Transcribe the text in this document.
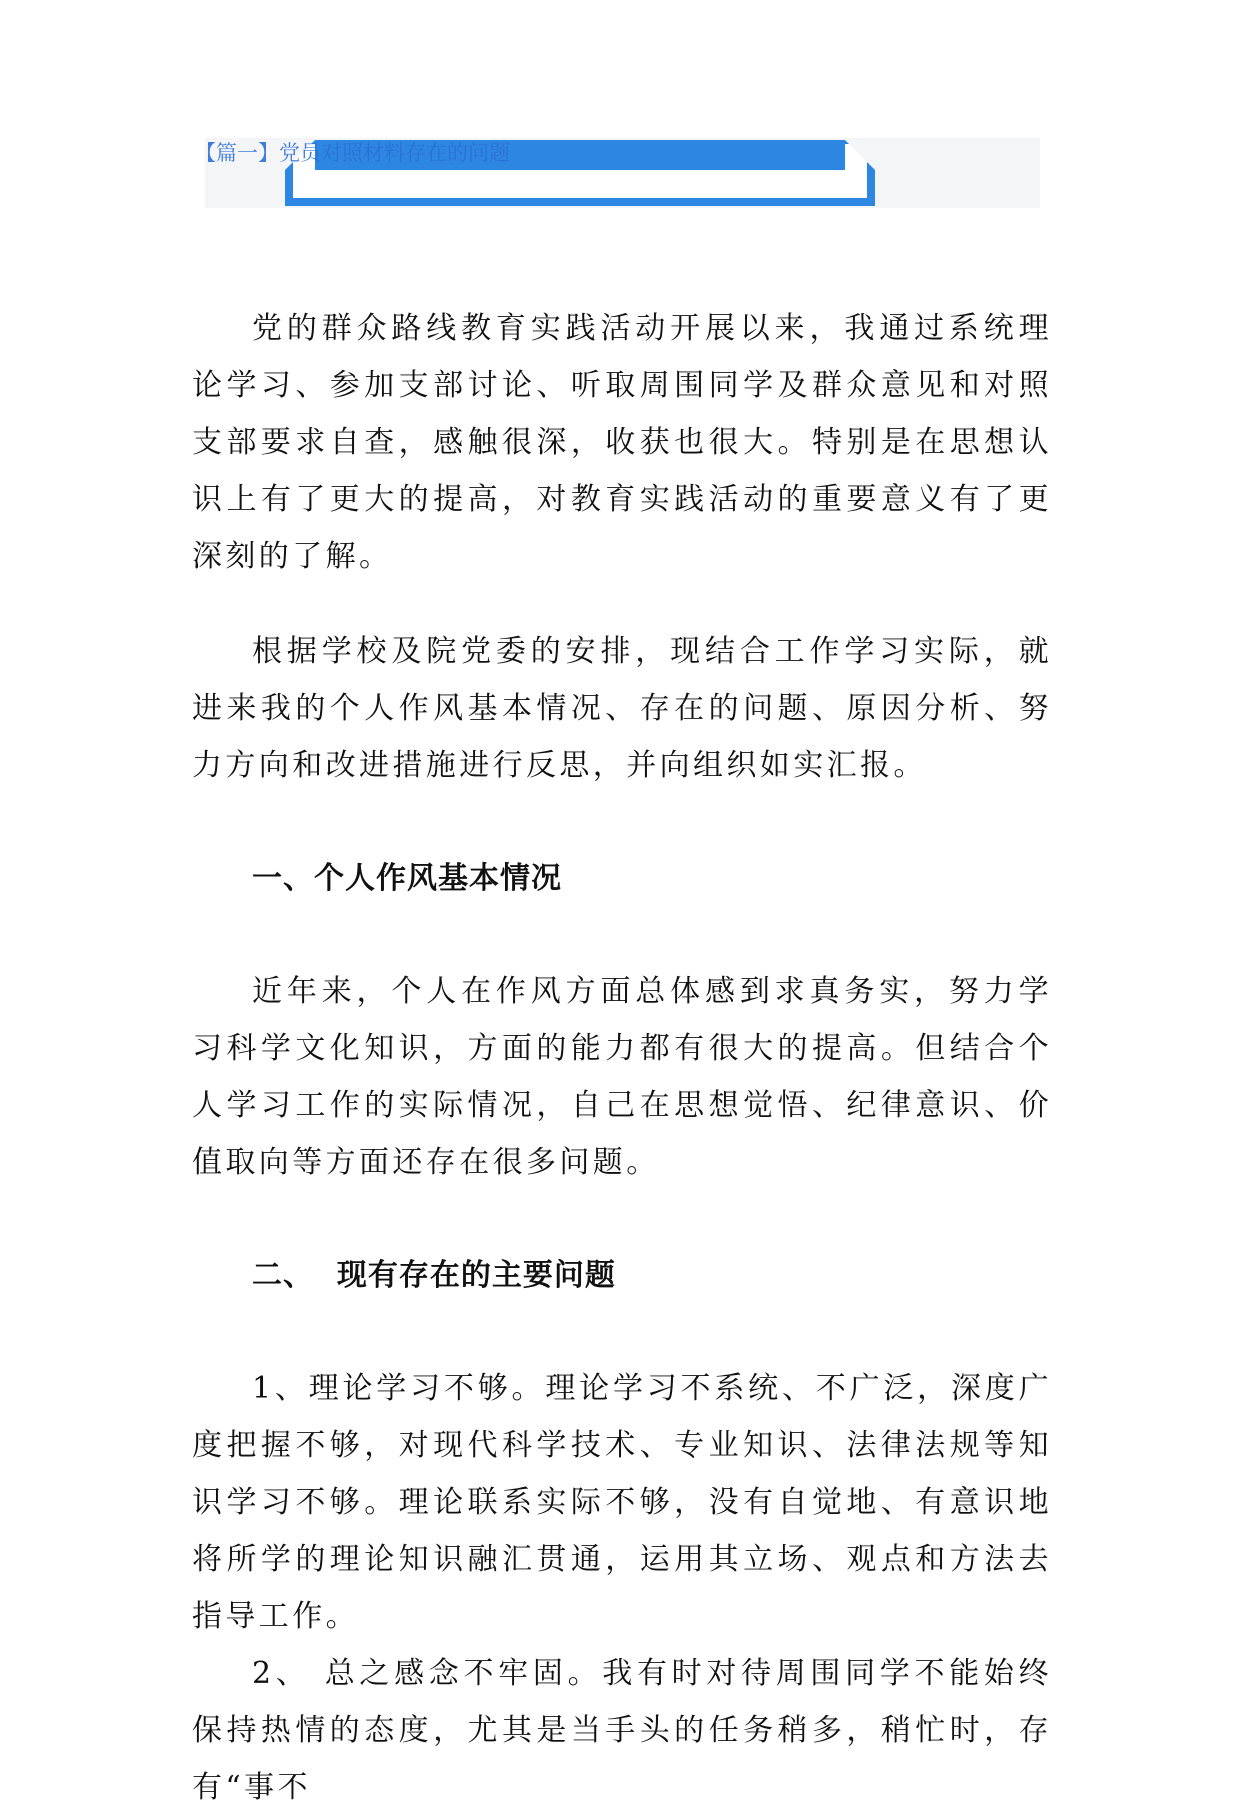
【篇一】党员对照材料存在的问题

党的群众路线教育实践活动开展以来，我通过系统理论学习、参加支部讨论、听取周围同学及群众意见和对照支部要求自查，感触很深，收获也很大。特别是在思想认识上有了更大的提高，对教育实践活动的重要意义有了更深刻的了解。

根据学校及院党委的安排，现结合工作学习实际，就进来我的个人作风基本情况、存在的问题、原因分析、努力方向和改进措施进行反思，并向组织如实汇报。

一、个人作风基本情况

近年来，个人在作风方面总体感到求真务实，努力学习科学文化知识，方面的能力都有很大的提高。但结合个人学习工作的实际情况，自己在思想觉悟、纪律意识、价值取向等方面还存在很多问题。

二、  现有存在的主要问题

1、理论学习不够。理论学习不系统、不广泛，深度广度把握不够，对现代科学技术、专业知识、法律法规等知识学习不够。理论联系实际不够，没有自觉地、有意识地将所学的理论知识融汇贯通，运用其立场、观点和方法去指导工作。

2、 总之感念不牢固。我有时对待周围同学不能始终保持热情的态度，尤其是当手头的任务稍多，稍忙时，存有“事不
